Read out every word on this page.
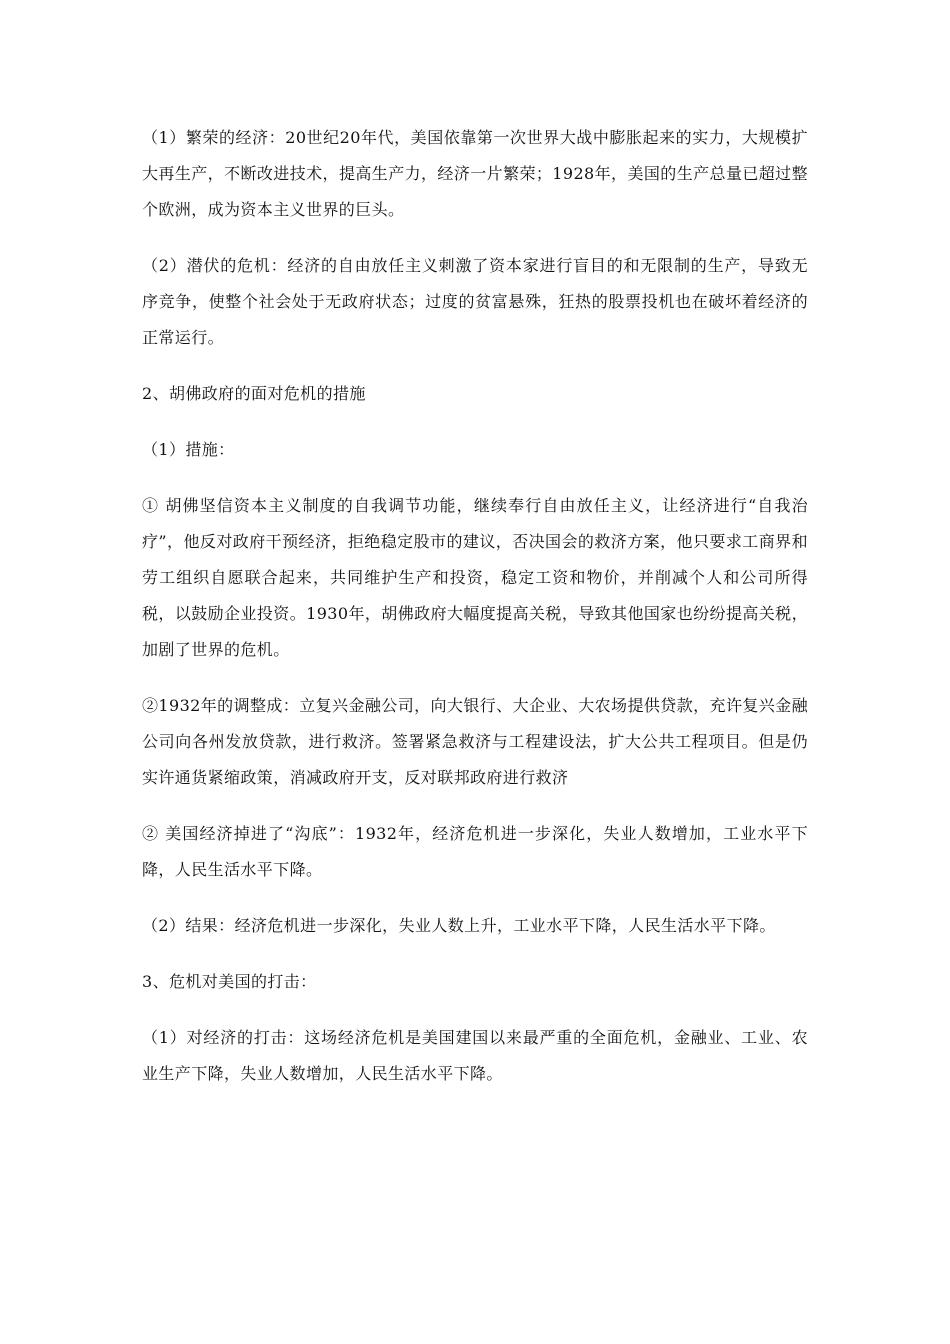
（1）繁荣的经济：20世纪20年代，美国依靠第一次世界大战中膨胀起来的实力，大规模扩大再生产，不断改进技术，提高生产力，经济一片繁荣；1928年，美国的生产总量已超过整个欧洲，成为资本主义世界的巨头。

（2）潜伏的危机：经济的自由放任主义刺激了资本家进行盲目的和无限制的生产，导致无序竞争，使整个社会处于无政府状态；过度的贫富悬殊，狂热的股票投机也在破坏着经济的正常运行。

2、胡佛政府的面对危机的措施

（1）措施：

① 胡佛坚信资本主义制度的自我调节功能，继续奉行自由放任主义，让经济进行“自我治疗”，他反对政府干预经济，拒绝稳定股市的建议，否决国会的救济方案，他只要求工商界和劳工组织自愿联合起来，共同维护生产和投资，稳定工资和物价，并削减个人和公司所得税，以鼓励企业投资。1930年，胡佛政府大幅度提高关税，导致其他国家也纷纷提高关税，加剧了世界的危机。

②1932年的调整成：立复兴金融公司，向大银行、大企业、大农场提供贷款，充许复兴金融公司向各州发放贷款，进行救济。签署紧急救济与工程建设法，扩大公共工程项目。但是仍实许通货紧缩政策，消减政府开支，反对联邦政府进行救济

② 美国经济掉进了“沟底”：1932年，经济危机进一步深化，失业人数增加，工业水平下降，人民生活水平下降。

（2）结果：经济危机进一步深化，失业人数上升，工业水平下降，人民生活水平下降。

3、危机对美国的打击：

（1）对经济的打击：这场经济危机是美国建国以来最严重的全面危机，金融业、工业、农业生产下降，失业人数增加，人民生活水平下降。
